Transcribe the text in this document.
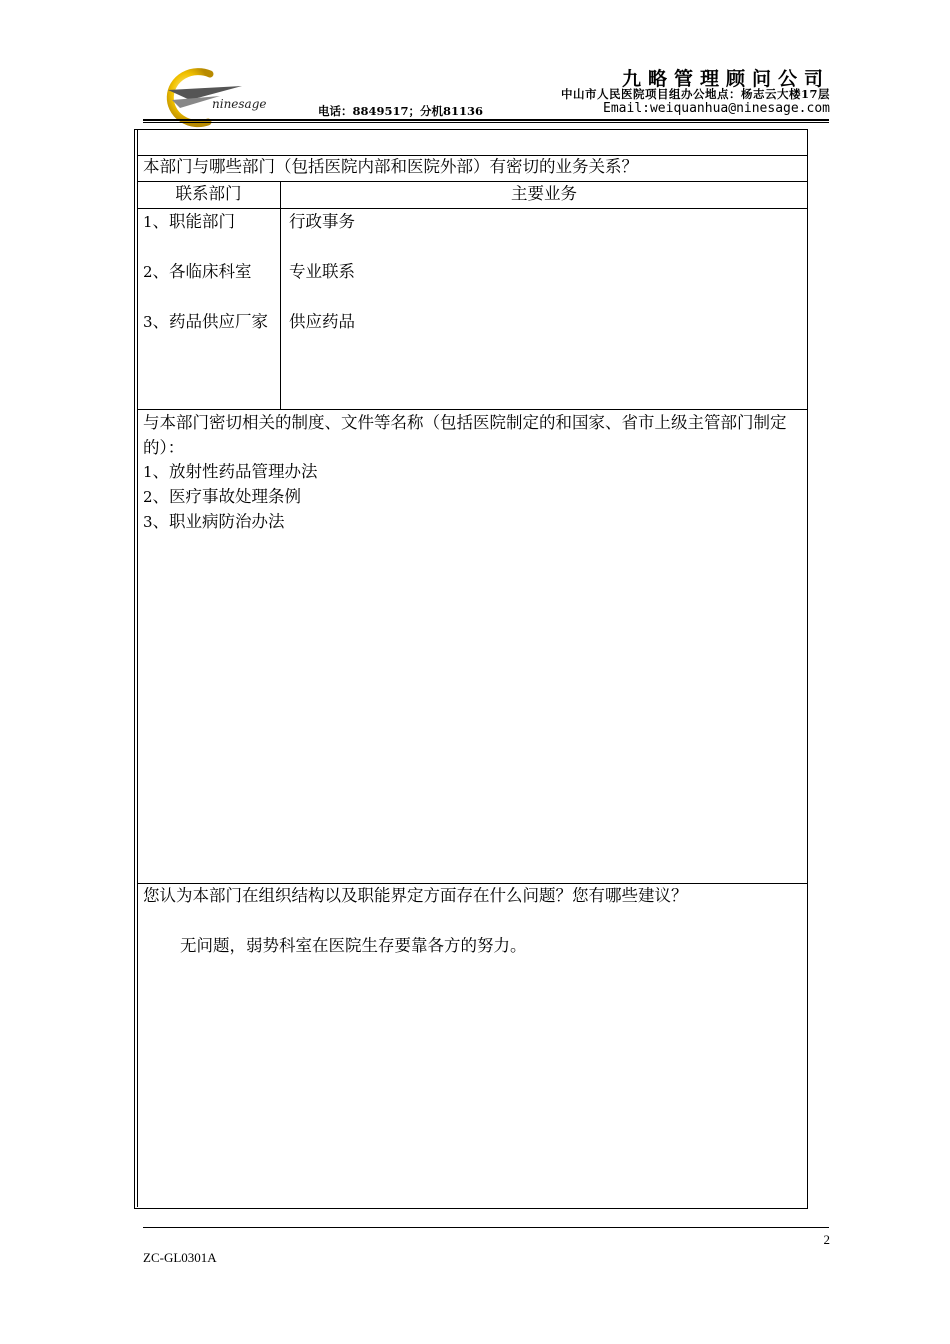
ninesage
九略管理顾问公司
中山市人民医院项目组办公地点：杨志云大楼17层
电话：8849517；分机81136	Email:weiquanhua@ninesage.com
本部门与哪些部门（包括医院内部和医院外部）有密切的业务关系？
联系部门	主要业务
1、职能部门	行政事务
2、各临床科室	专业联系
3、药品供应厂家	供应药品
与本部门密切相关的制度、文件等名称（包括医院制定的和国家、省市上级主管部门制定的）：
1、放射性药品管理办法
2、医疗事故处理条例
3、职业病防治办法
您认为本部门在组织结构以及职能界定方面存在什么问题？您有哪些建议？
无问题，弱势科室在医院生存要靠各方的努力。
2
ZC-GL0301A
